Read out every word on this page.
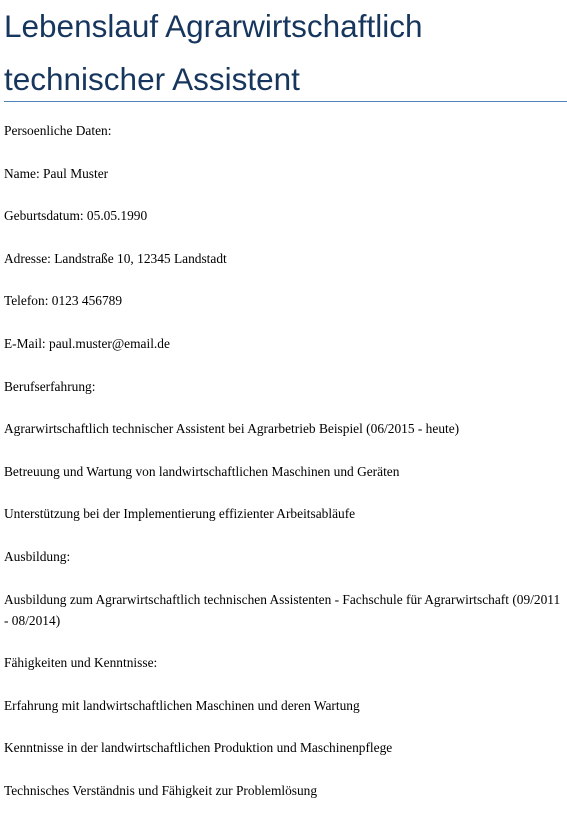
Lebenslauf Agrarwirtschaftlich
technischer Assistent

Persoenliche Daten:

Name: Paul Muster

Geburtsdatum: 05.05.1990

Adresse: Landstraße 10, 12345 Landstadt

Telefon: 0123 456789

E-Mail: paul.muster@email.de

Berufserfahrung:

Agrarwirtschaftlich technischer Assistent bei Agrarbetrieb Beispiel (06/2015 - heute)

Betreuung und Wartung von landwirtschaftlichen Maschinen und Geräten

Unterstützung bei der Implementierung effizienter Arbeitsabläufe

Ausbildung:

Ausbildung zum Agrarwirtschaftlich technischen Assistenten - Fachschule für Agrarwirtschaft (09/2011 - 08/2014)

Fähigkeiten und Kenntnisse:

Erfahrung mit landwirtschaftlichen Maschinen und deren Wartung

Kenntnisse in der landwirtschaftlichen Produktion und Maschinenpflege

Technisches Verständnis und Fähigkeit zur Problemlösung
